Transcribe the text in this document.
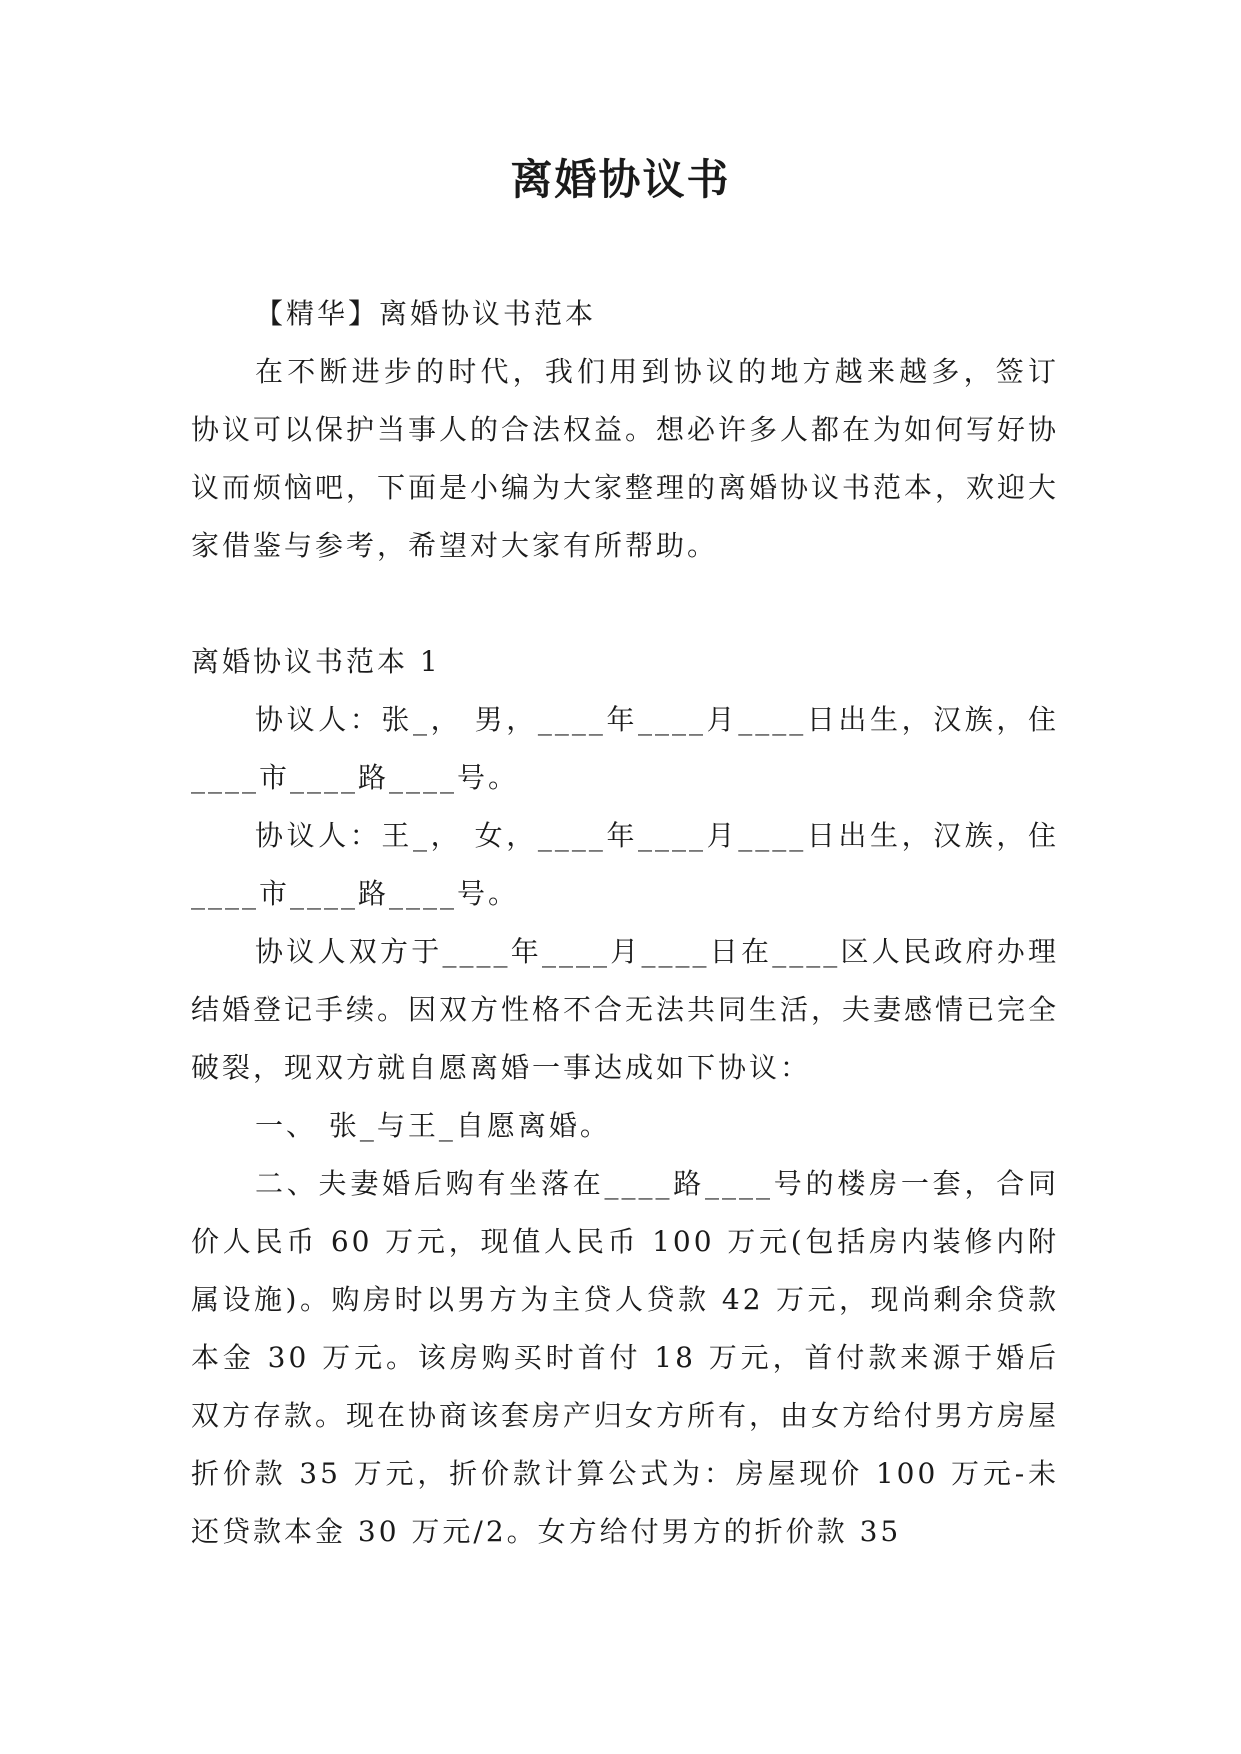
离婚协议书

【精华】离婚协议书范本

在不断进步的时代，我们用到协议的地方越来越多，签订协议可以保护当事人的合法权益。想必许多人都在为如何写好协议而烦恼吧，下面是小编为大家整理的离婚协议书范本，欢迎大家借鉴与参考，希望对大家有所帮助。

离婚协议书范本 1

协议人：张_， 男，____年____月____日出生，汉族，住____市____路____号。

协议人：王_， 女，____年____月____日出生，汉族，住____市____路____号。

协议人双方于____年____月____日在____区人民政府办理结婚登记手续。因双方性格不合无法共同生活，夫妻感情已完全破裂，现双方就自愿离婚一事达成如下协议：

一、 张_与王_自愿离婚。

二、夫妻婚后购有坐落在____路____号的楼房一套，合同价人民币 60 万元，现值人民币 100 万元(包括房内装修内附属设施)。购房时以男方为主贷人贷款 42 万元，现尚剩余贷款本金 30 万元。该房购买时首付 18 万元，首付款来源于婚后双方存款。现在协商该套房产归女方所有，由女方给付男方房屋折价款 35 万元，折价款计算公式为：房屋现价 100 万元-未还贷款本金 30 万元/2。女方给付男方的折价款 35
